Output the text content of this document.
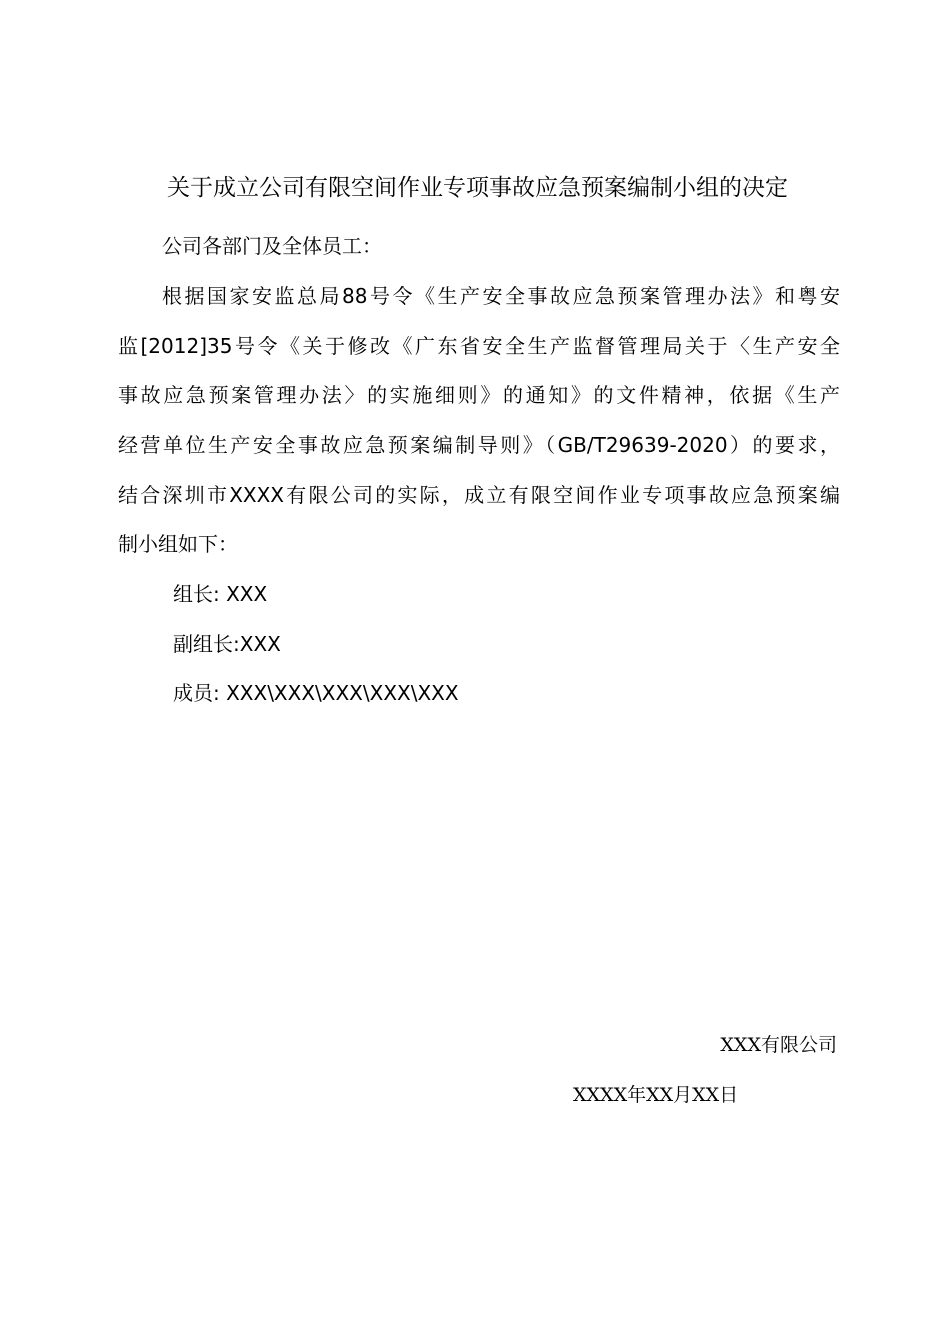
关于成立公司有限空间作业专项事故应急预案编制小组的决定
公司各部门及全体员工：
根据国家安监总局88号令《生产安全事故应急预案管理办法》和粤安
监[2012]35号令《关于修改《广东省安全生产监督管理局关于〈生产安全
事故应急预案管理办法〉的实施细则》的通知》的文件精神，依据《生产
经营单位生产安全事故应急预案编制导则》（GB/T29639-2020）的要求，
结合深圳市XXXX有限公司的实际，成立有限空间作业专项事故应急预案编
制小组如下：
组长: XXX
副组长:XXX
成员: XXX\XXX\XXX\XXX\XXX
XXX有限公司
XXXX年XX月XX日
